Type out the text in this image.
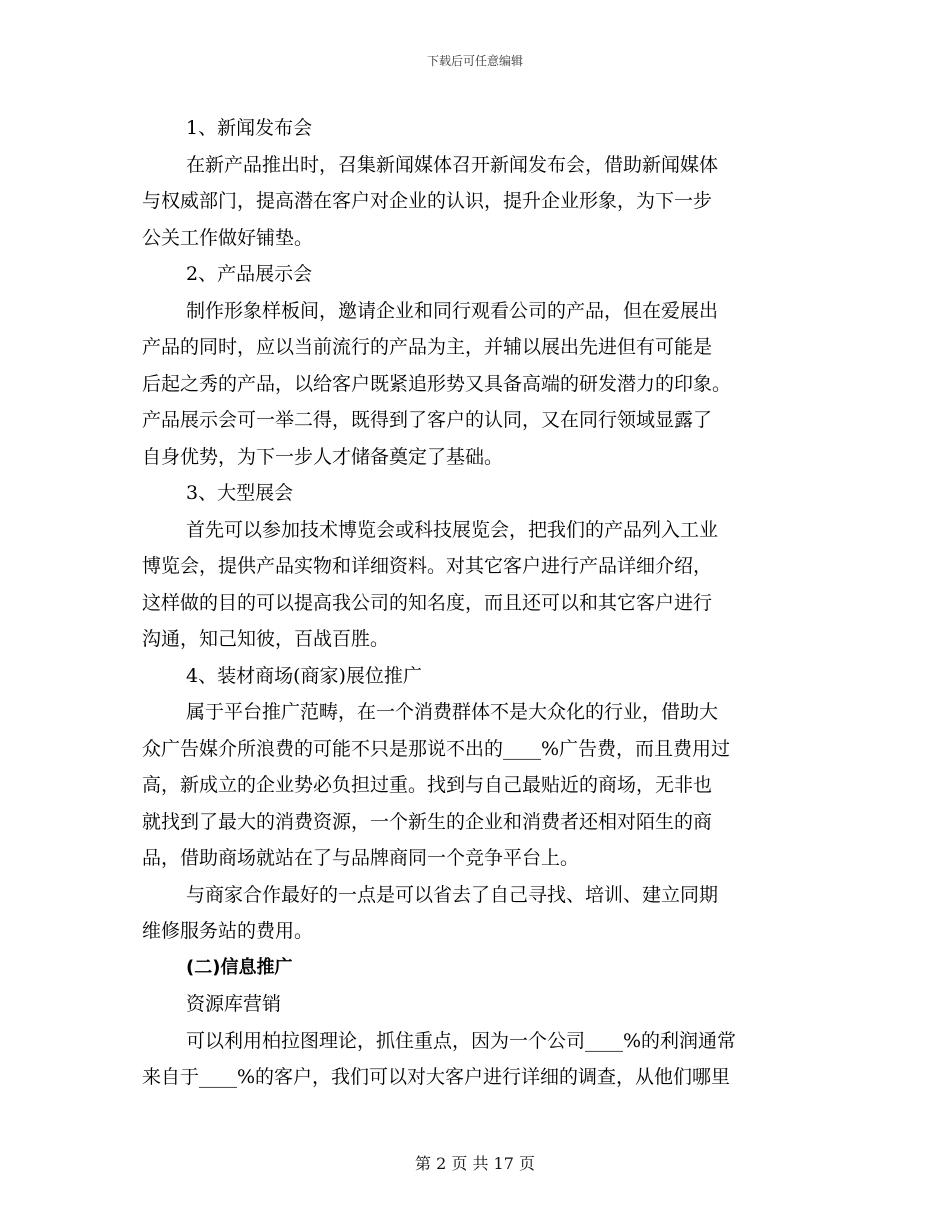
下载后可任意编辑
1、新闻发布会
在新产品推出时，召集新闻媒体召开新闻发布会，借助新闻媒体
与权威部门，提高潜在客户对企业的认识，提升企业形象，为下一步
公关工作做好铺垫。
2、产品展示会
制作形象样板间，邀请企业和同行观看公司的产品，但在爱展出
产品的同时，应以当前流行的产品为主，并辅以展出先进但有可能是
后起之秀的产品，以给客户既紧追形势又具备高端的研发潜力的印象。
产品展示会可一举二得，既得到了客户的认同，又在同行领域显露了
自身优势，为下一步人才储备奠定了基础。
3、大型展会
首先可以参加技术博览会或科技展览会，把我们的产品列入工业
博览会，提供产品实物和详细资料。对其它客户进行产品详细介绍，
这样做的目的可以提高我公司的知名度，而且还可以和其它客户进行
沟通，知己知彼，百战百胜。
4、装材商场(商家)展位推广
属于平台推广范畴，在一个消费群体不是大众化的行业，借助大
众广告媒介所浪费的可能不只是那说不出的____%广告费，而且费用过
高，新成立的企业势必负担过重。找到与自己最贴近的商场，无非也
就找到了最大的消费资源，一个新生的企业和消费者还相对陌生的商
品，借助商场就站在了与品牌商同一个竞争平台上。
与商家合作最好的一点是可以省去了自己寻找、培训、建立同期
维修服务站的费用。
(二)信息推广
资源库营销
可以利用柏拉图理论，抓住重点，因为一个公司____%的利润通常
来自于____%的客户，我们可以对大客户进行详细的调查，从他们哪里
第 2 页 共 17 页
